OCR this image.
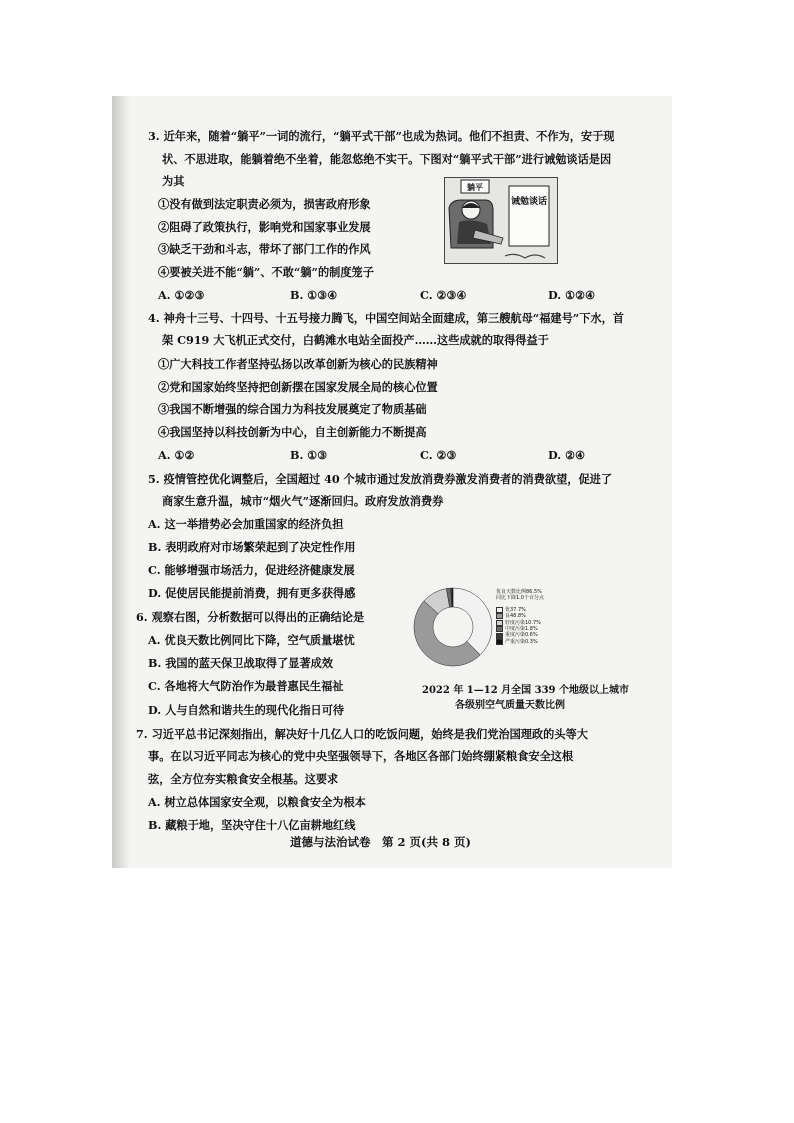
3. 近年来，随着“躺平”一词的流行，“躺平式干部”也成为热词。他们不担责、不作为，安于现
状、不思进取，能躺着绝不坐着，能忽悠绝不实干。下图对“躺平式干部”进行诫勉谈话是因
为其
①没有做到法定职责必须为，损害政府形象
②阻碍了政策执行，影响党和国家事业发展
③缺乏干劲和斗志，带坏了部门工作的作风
④要被关进不能“躺”、不敢“躺”的制度笼子
A. ①②③	B. ①③④	C. ②③④	D. ①②④
躺平
诫勉谈话
4. 神舟十三号、十四号、十五号接力腾飞，中国空间站全面建成，第三艘航母“福建号”下水，首
架 C919 大飞机正式交付，白鹤滩水电站全面投产……这些成就的取得得益于
①广大科技工作者坚持弘扬以改革创新为核心的民族精神
②党和国家始终坚持把创新摆在国家发展全局的核心位置
③我国不断增强的综合国力为科技发展奠定了物质基础
④我国坚持以科技创新为中心，自主创新能力不断提高
A. ①②	B. ①③	C. ②③	D. ②④
5. 疫情管控优化调整后，全国超过 40 个城市通过发放消费券激发消费者的消费欲望，促进了
商家生意升温，城市“烟火气”逐渐回归。政府发放消费券
A. 这一举措势必会加重国家的经济负担
B. 表明政府对市场繁荣起到了决定性作用
C. 能够增强市场活力，促进经济健康发展
D. 促使居民能提前消费，拥有更多获得感
6. 观察右图，分析数据可以得出的正确结论是
A. 优良天数比例同比下降，空气质量堪忧
B. 我国的蓝天保卫战取得了显著成效
C. 各地将大气防治作为最普惠民生福祉
D. 人与自然和谐共生的现代化指日可待
优良天数比例86.5%
同比下降1.0个百分点
优37.7%
良48.8%
轻度污染10.7%
中度污染1.8%
重度污染0.6%
严重污染0.3%
2022 年 1—12 月全国 339 个地级以上城市
各级别空气质量天数比例
7. 习近平总书记深刻指出，解决好十几亿人口的吃饭问题，始终是我们党治国理政的头等大
事。在以习近平同志为核心的党中央坚强领导下，各地区各部门始终绷紧粮食安全这根
弦，全方位夯实粮食安全根基。这要求
A. 树立总体国家安全观，以粮食安全为根本
B. 藏粮于地，坚决守住十八亿亩耕地红线
道德与法治试卷　第 2 页(共 8 页)
